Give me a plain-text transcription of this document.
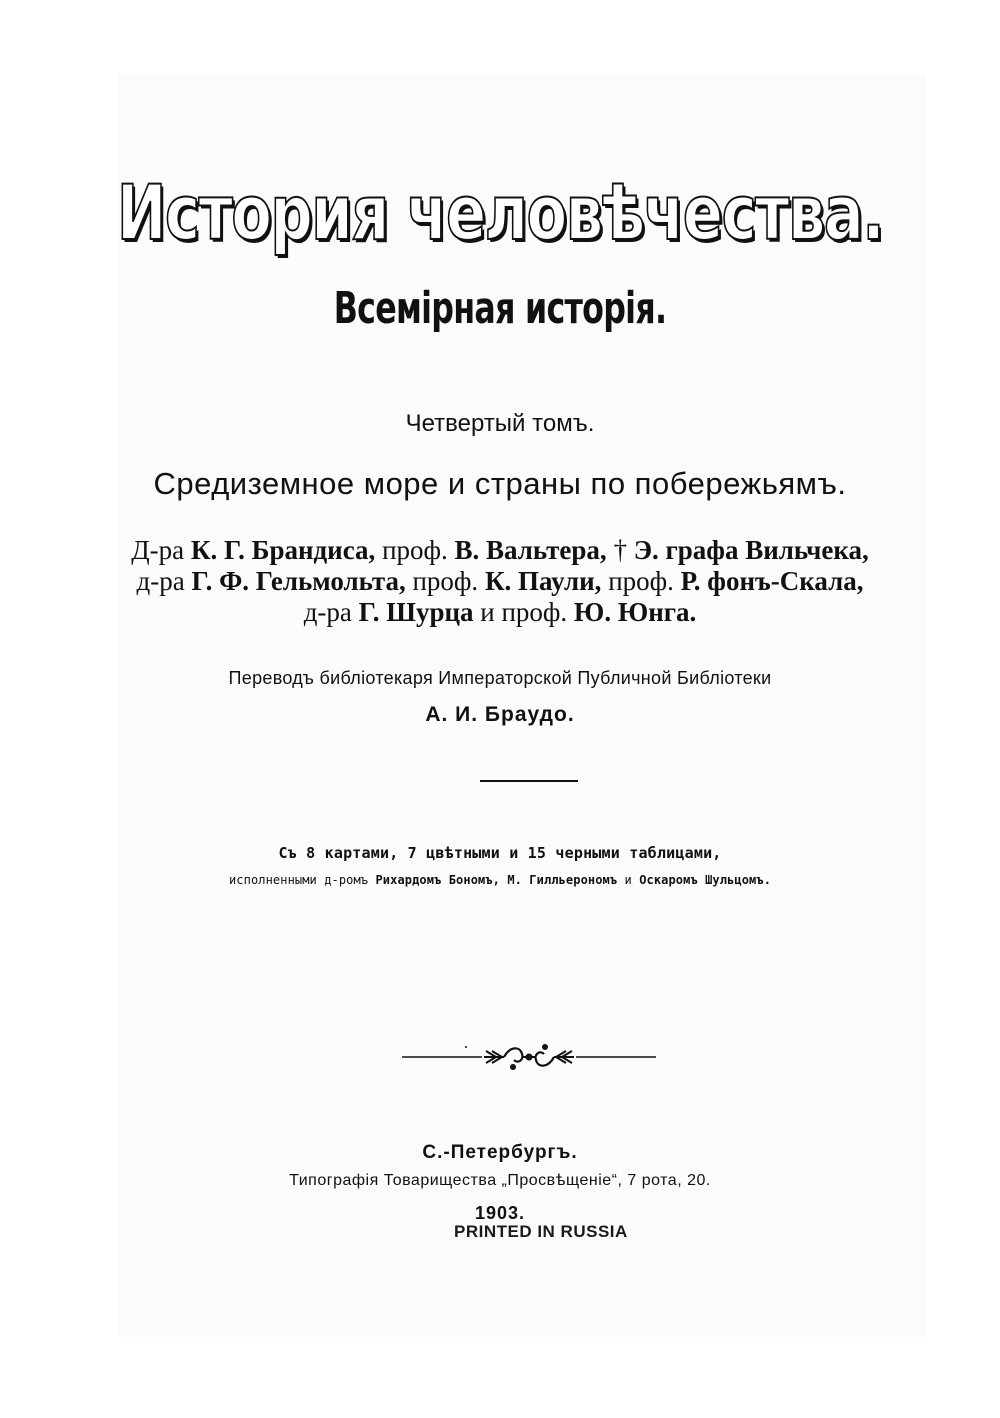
История человѣчества.
Всемірная исторія.
Четвертый томъ.
Средиземное море и страны по побережьямъ.
Д-ра К. Г. Брандиса, проф. В. Вальтера, † Э. графа Вильчека,
д-ра Г. Ф. Гельмольта, проф. К. Паули, проф. Р. фонъ-Скала,
д-ра Г. Шурца и проф. Ю. Юнга.
Переводъ библіотекаря Императорской Публичной Библіотеки
А. И. Браудо.
Съ 8 картами, 7 цвѣтными и 15 черными таблицами,
исполненными д-ромъ Рихардомъ Бономъ, М. Гилльерономъ и Оскаромъ Шульцомъ.
С.-Петербургъ.
Типографія Товарищества „Просвѣщеніе“, 7 рота, 20.
1903.
PRINTED IN RUSSIA
